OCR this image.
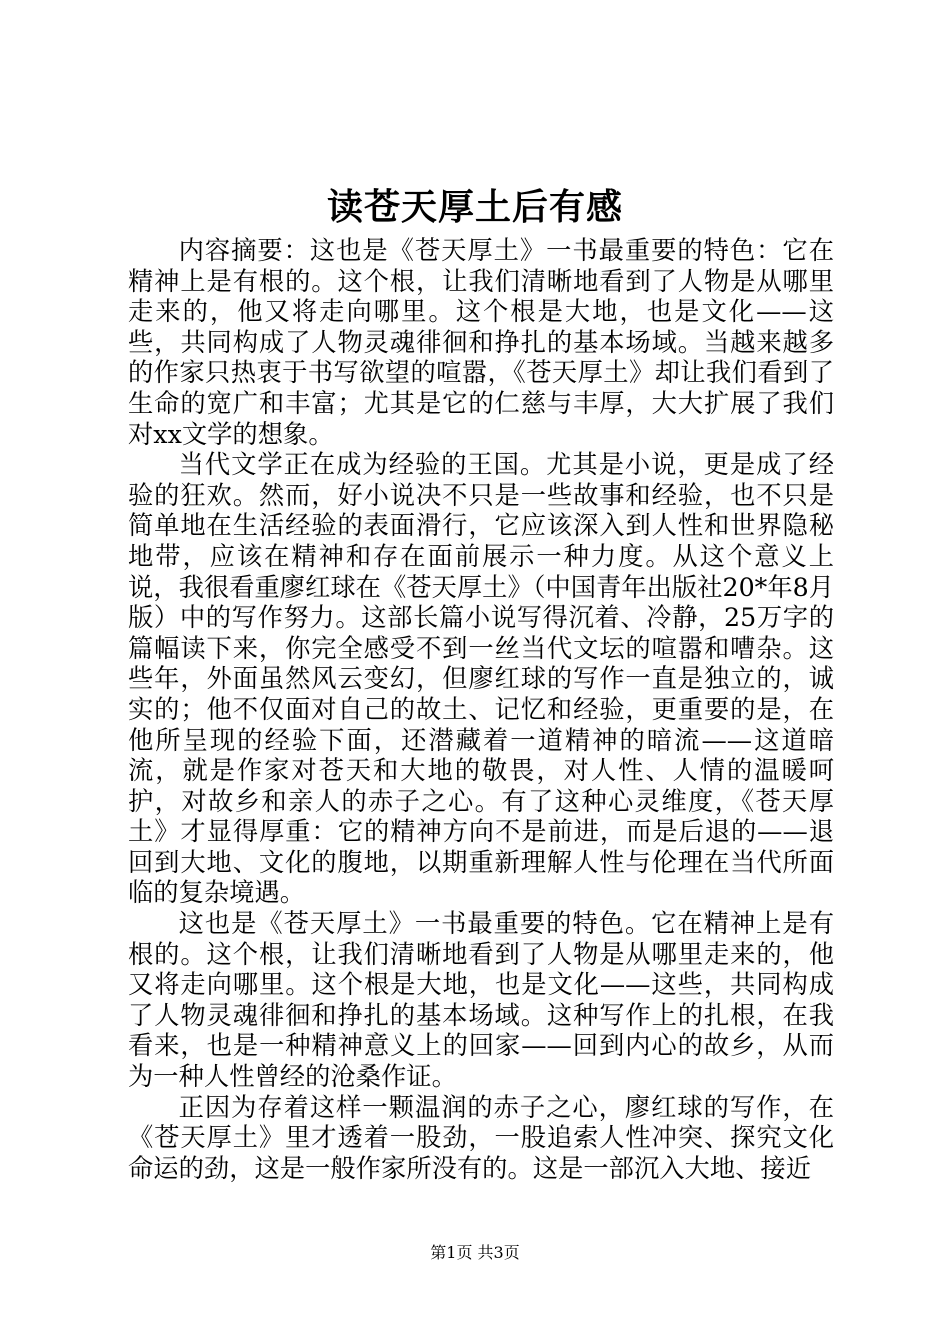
读苍天厚土后有感

内容摘要：这也是《苍天厚土》一书最重要的特色：它在精神上是有根的。这个根，让我们清晰地看到了人物是从哪里走来的，他又将走向哪里。这个根是大地，也是文化——这些，共同构成了人物灵魂徘徊和挣扎的基本场域。当越来越多的作家只热衷于书写欲望的喧嚣，《苍天厚土》却让我们看到了生命的宽广和丰富；尤其是它的仁慈与丰厚，大大扩展了我们对xx文学的想象。

当代文学正在成为经验的王国。尤其是小说，更是成了经验的狂欢。然而，好小说决不只是一些故事和经验，也不只是简单地在生活经验的表面滑行，它应该深入到人性和世界隐秘地带，应该在精神和存在面前展示一种力度。从这个意义上说，我很看重廖红球在《苍天厚土》（中国青年出版社20*年8月版）中的写作努力。这部长篇小说写得沉着、冷静，25万字的篇幅读下来，你完全感受不到一丝当代文坛的喧嚣和嘈杂。这些年，外面虽然风云变幻，但廖红球的写作一直是独立的，诚实的；他不仅面对自己的故土、记忆和经验，更重要的是，在他所呈现的经验下面，还潜藏着一道精神的暗流——这道暗流，就是作家对苍天和大地的敬畏，对人性、人情的温暖呵护，对故乡和亲人的赤子之心。有了这种心灵维度，《苍天厚土》才显得厚重：它的精神方向不是前进，而是后退的——退回到大地、文化的腹地，以期重新理解人性与伦理在当代所面临的复杂境遇。

这也是《苍天厚土》一书最重要的特色。它在精神上是有根的。这个根，让我们清晰地看到了人物是从哪里走来的，他又将走向哪里。这个根是大地，也是文化——这些，共同构成了人物灵魂徘徊和挣扎的基本场域。这种写作上的扎根，在我看来，也是一种精神意义上的回家——回到内心的故乡，从而为一种人性曾经的沧桑作证。

正因为存着这样一颗温润的赤子之心，廖红球的写作，在《苍天厚土》里才透着一股劲，一股追索人性冲突、探究文化命运的劲，这是一般作家所没有的。这是一部沉入大地、接近

第1页 共3页
